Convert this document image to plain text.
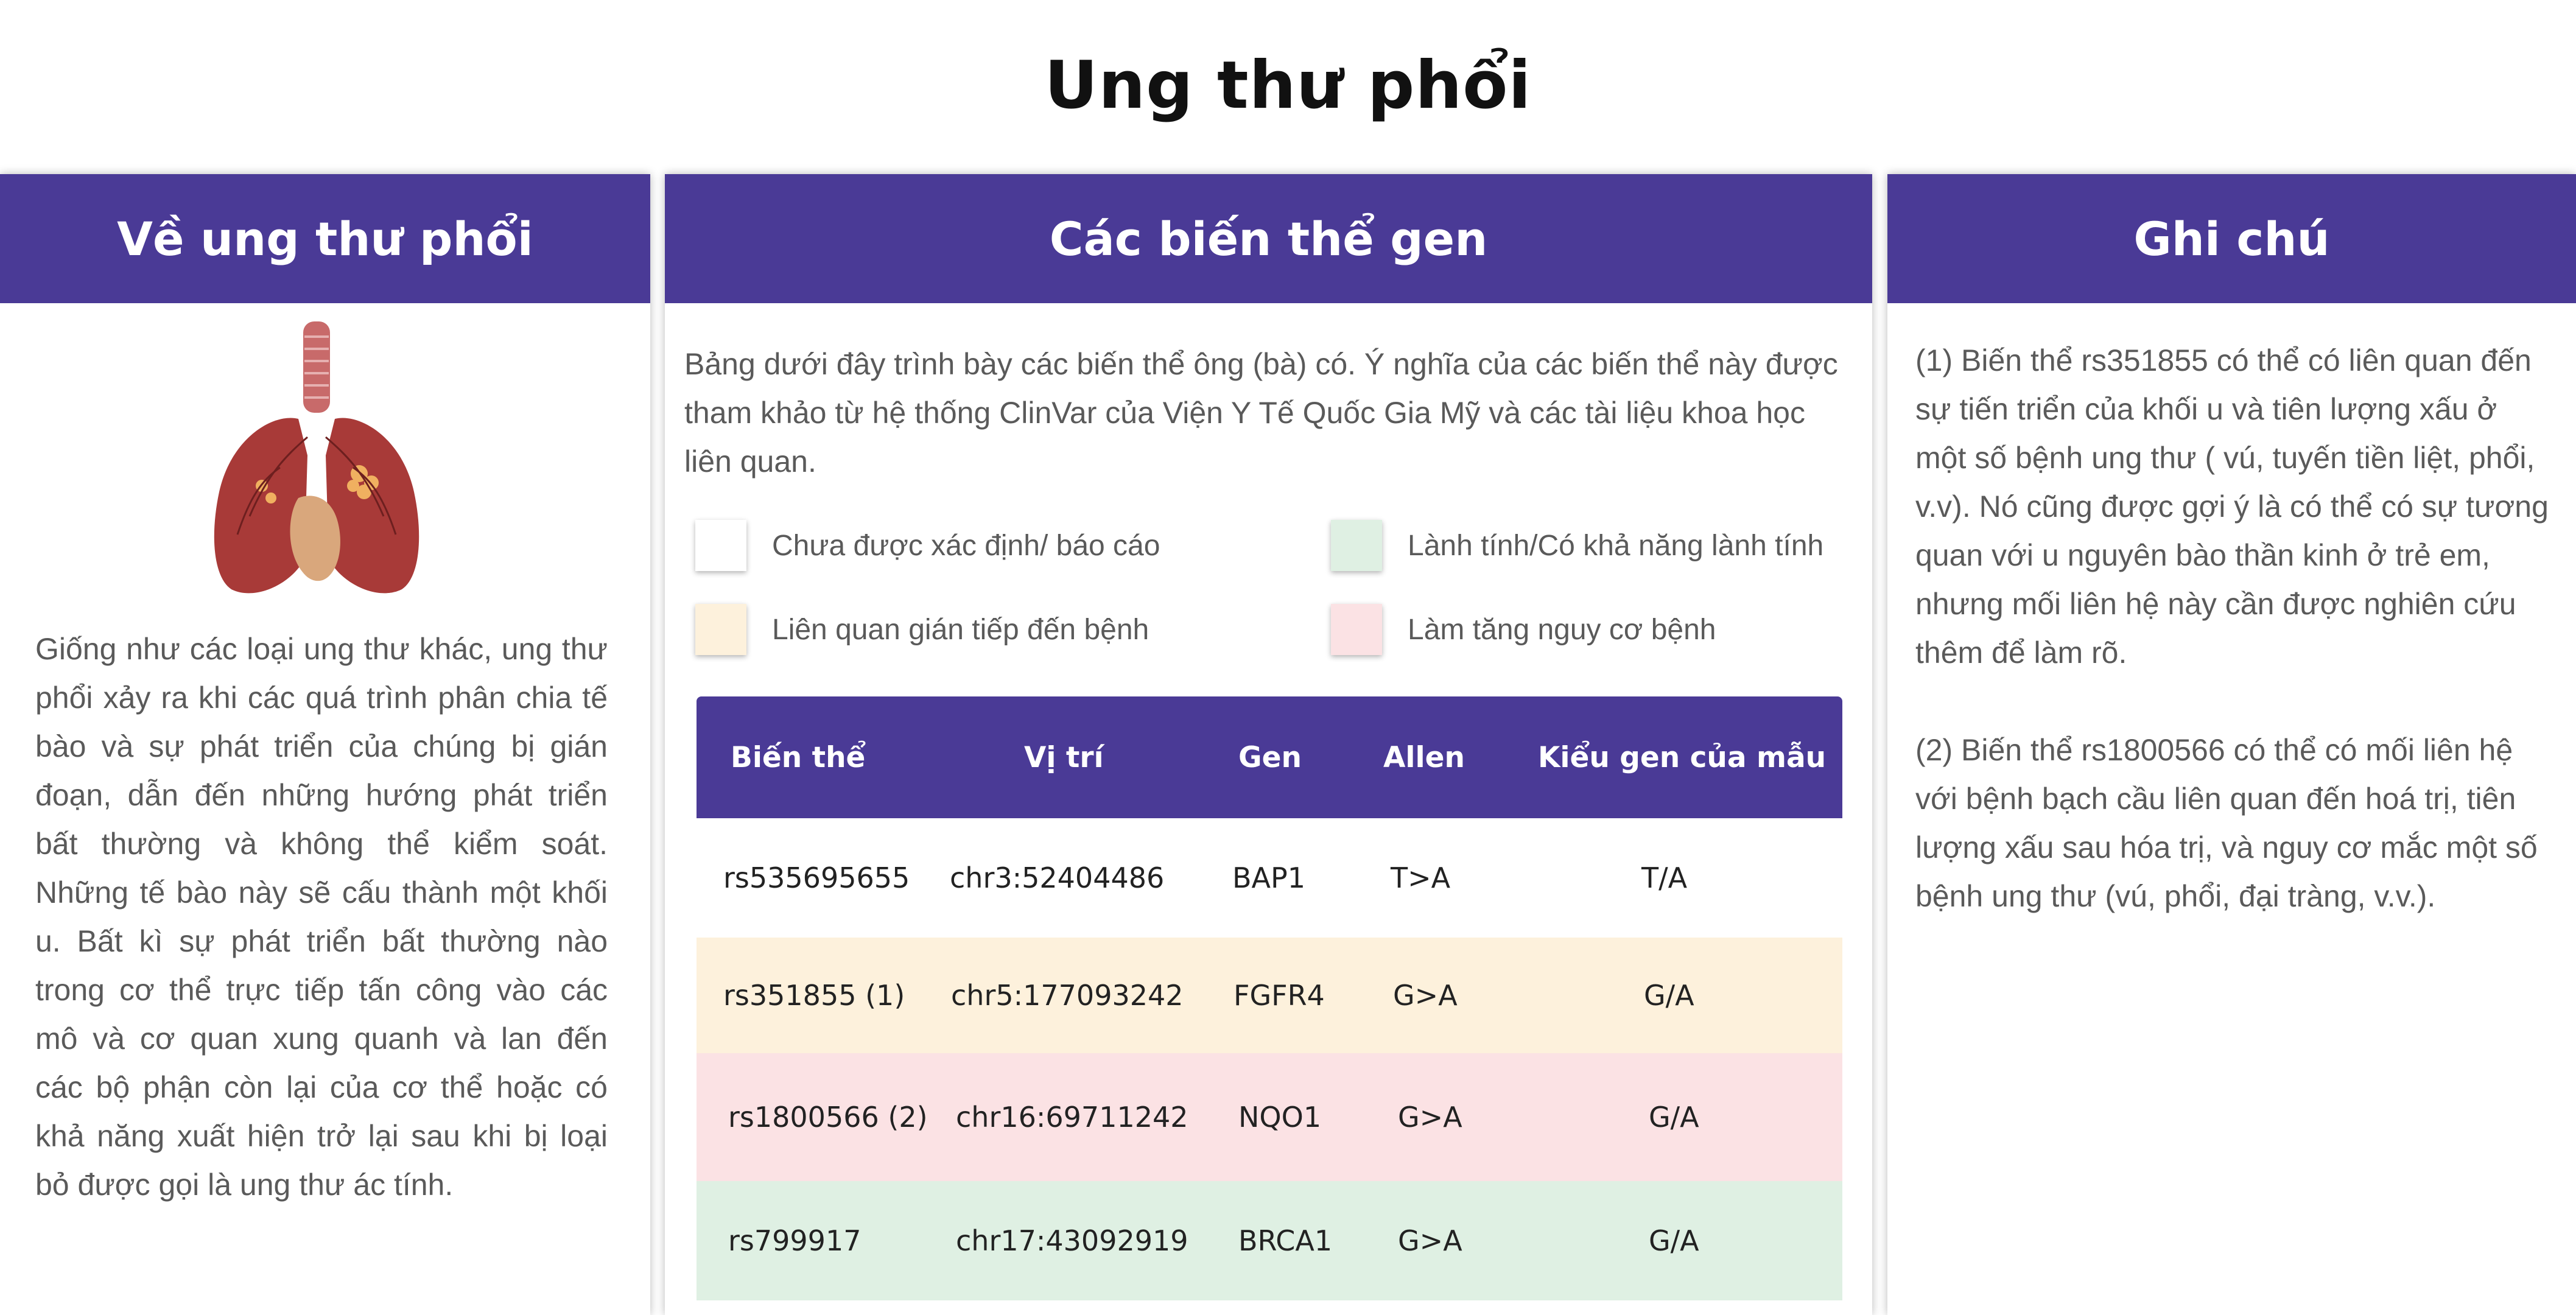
Ung thư phổi
Về ung thư phổi
Giống như các loại ung thư khác, ung thư phổi xảy ra khi các quá trình phân chia tế bào và sự phát triển của chúng bị gián đoạn, dẫn đến những hướng phát triển bất thường và không thể kiểm soát. Những tế bào này sẽ cấu thành một khối u. Bất kì sự phát triển bất thường nào trong cơ thể trực tiếp tấn công vào các mô và cơ quan xung quanh và lan đến các bộ phận còn lại của cơ thể hoặc có khả năng xuất hiện trở lại sau khi bị loại bỏ được gọi là ung thư ác tính.
Các biến thể gen
Bảng dưới đây trình bày các biến thể ông (bà) có. Ý nghĩa của các biến thể này được tham khảo từ hệ thống ClinVar của Viện Y Tế Quốc Gia Mỹ và các tài liệu khoa học liên quan.
Chưa được xác định/ báo cáo	Lành tính/Có khả năng lành tính
Liên quan gián tiếp đến bệnh	Làm tăng nguy cơ bệnh
Biến thể	Vị trí	Gen	Allen	Kiểu gen của mẫu
rs535695655 chr3:52404486 BAP1	T>A	T/A
rs351855 (1) chr5:177093242 FGFR4 G>A	G/A
rs1800566 (2) chr16:69711242 NQO1	G>A	G/A
rs799917	chr17:43092919 BRCA1 G>A	G/A
Ghi chú

(1) Biến thể rs351855 có thể có liên quan đến sự tiến triển của khối u và tiên lượng xấu ở một số bệnh ung thư ( vú, tuyến tiền liệt, phổi, v.v). Nó cũng được gợi ý là có thể có sự tương quan với u nguyên bào thần kinh ở trẻ em, nhưng mối liên hệ này cần được nghiên cứu thêm để làm rõ.

(2) Biến thể rs1800566 có thể có mối liên hệ với bệnh bạch cầu liên quan đến hoá trị, tiên lượng xấu sau hóa trị, và nguy cơ mắc một số bệnh ung thư (vú, phổi, đại tràng, v.v.).
